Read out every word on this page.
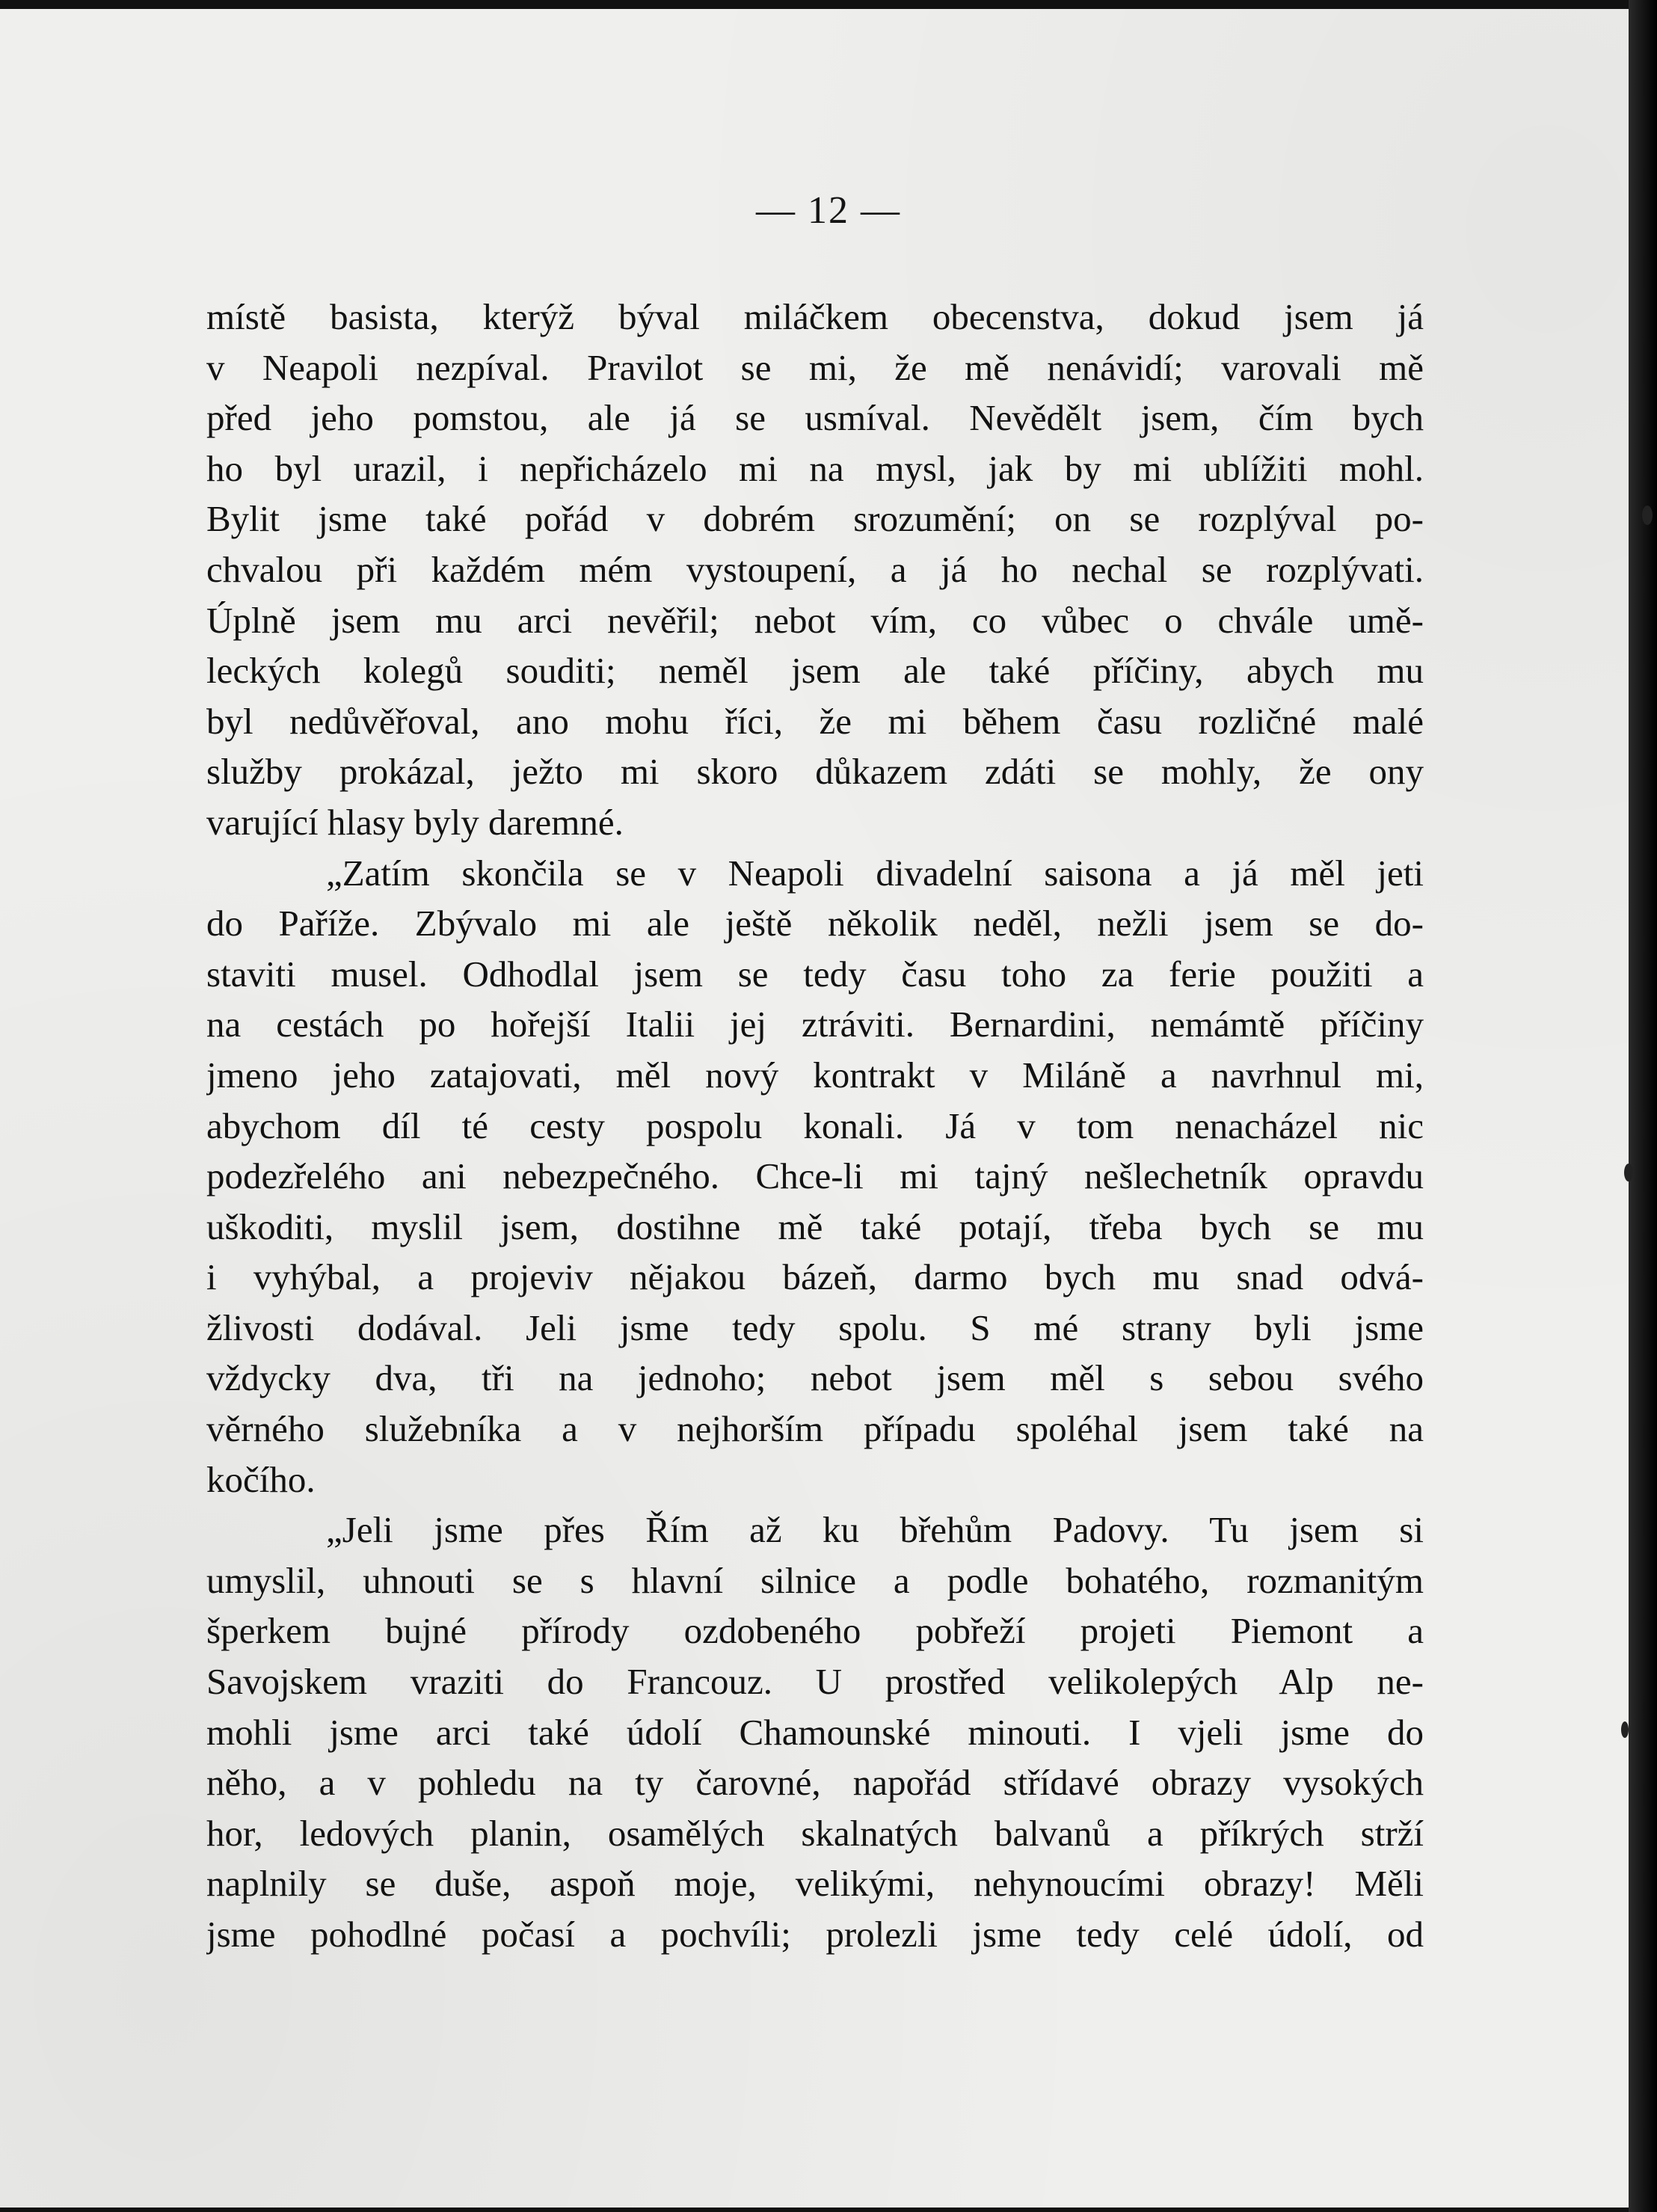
— 12 —
místě basista, kterýž býval miláčkem obecenstva, dokud jsem já
v Neapoli nezpíval. Pravilot se mi, že mě nenávidí; varovali mě
před jeho pomstou, ale já se usmíval. Nevědělt jsem, čím bych
ho byl urazil, i nepřicházelo mi na mysl, jak by mi ublížiti mohl.
Bylit jsme také pořád v dobrém srozumění; on se rozplýval po-
chvalou při každém mém vystoupení, a já ho nechal se rozplývati.
Úplně jsem mu arci nevěřil; nebot vím, co vůbec o chvále umě-
leckých kolegů souditi; neměl jsem ale také příčiny, abych mu
byl nedůvěřoval, ano mohu říci, že mi během času rozličné malé
služby prokázal, ježto mi skoro důkazem zdáti se mohly, že ony
varující hlasy byly daremné.
„Zatím skončila se v Neapoli divadelní saisona a já měl jeti
do Paříže. Zbývalo mi ale ještě několik neděl, nežli jsem se do-
staviti musel. Odhodlal jsem se tedy času toho za ferie použiti a
na cestách po hořejší Italii jej ztráviti. Bernardini, nemámtě příčiny
jmeno jeho zatajovati, měl nový kontrakt v Miláně a navrhnul mi,
abychom díl té cesty pospolu konali. Já v tom nenacházel nic
podezřelého ani nebezpečného. Chce-li mi tajný nešlechetník opravdu
uškoditi, myslil jsem, dostihne mě také potají, třeba bych se mu
i vyhýbal, a projeviv nějakou bázeň, darmo bych mu snad odvá-
žlivosti dodával. Jeli jsme tedy spolu. S mé strany byli jsme
vždycky dva, tři na jednoho; nebot jsem měl s sebou svého
věrného služebníka a v nejhorším případu spoléhal jsem také na
kočího.
„Jeli jsme přes Řím až ku břehům Padovy. Tu jsem si
umyslil, uhnouti se s hlavní silnice a podle bohatého, rozmanitým
šperkem bujné přírody ozdobeného pobřeží projeti Piemont a
Savojskem vraziti do Francouz. U prostřed velikolepých Alp ne-
mohli jsme arci také údolí Chamounské minouti. I vjeli jsme do
něho, a v pohledu na ty čarovné, napořád střídavé obrazy vysokých
hor, ledových planin, osamělých skalnatých balvanů a příkrých strží
naplnily se duše, aspoň moje, velikými, nehynoucími obrazy! Měli
jsme pohodlné počasí a pochvíli; prolezli jsme tedy celé údolí, od
